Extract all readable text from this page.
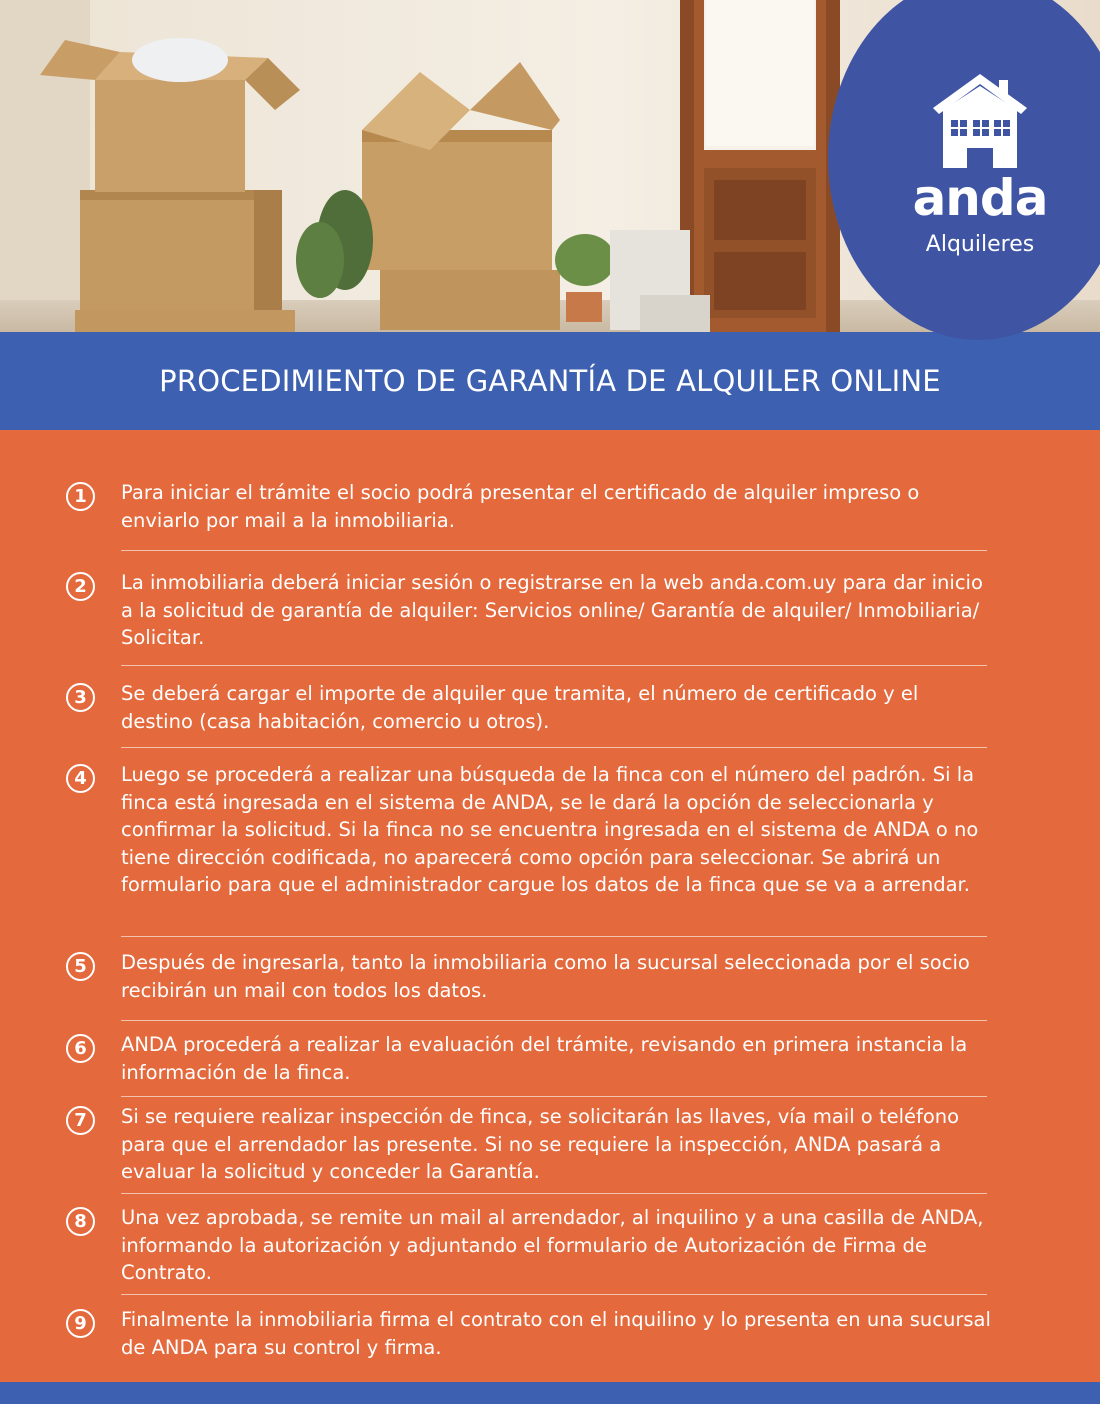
anda
Alquileres
PROCEDIMIENTO DE GARANTÍA DE ALQUILER ONLINE
1	Para iniciar el trámite el socio podrá presentar el certificado de alquiler impreso o enviarlo por mail a la inmobiliaria.

2	La inmobiliaria deberá iniciar sesión o registrarse en la web anda.com.uy para dar inicio a la solicitud de garantía de alquiler: Servicios online/ Garantía de alquiler/ Inmobiliaria/ Solicitar.

3	Se deberá cargar el importe de alquiler que tramita, el número de certificado y el destino (casa habitación, comercio u otros).

4	Luego se procederá a realizar una búsqueda de la finca con el número del padrón. Si la finca está ingresada en el sistema de ANDA, se le dará la opción de seleccionarla y confirmar la solicitud. Si la finca no se encuentra ingresada en el sistema de ANDA o no tiene dirección codificada, no aparecerá como opción para seleccionar. Se abrirá un formulario para que el administrador cargue los datos de la finca que se va a arrendar.

5	Después de ingresarla, tanto la inmobiliaria como la sucursal seleccionada por el socio recibirán un mail con todos los datos.

6	ANDA procederá a realizar la evaluación del trámite, revisando en primera instancia la información de la finca.

7	Si se requiere realizar inspección de finca, se solicitarán las llaves, vía mail o teléfono para que el arrendador las presente. Si no se requiere la inspección, ANDA pasará a evaluar la solicitud y conceder la Garantía.

8	Una vez aprobada, se remite un mail al arrendador, al inquilino y a una casilla de ANDA, informando la autorización y adjuntando el formulario de Autorización de Firma de Contrato.

9	Finalmente la inmobiliaria firma el contrato con el inquilino y lo presenta en una sucursal de ANDA para su control y firma.
